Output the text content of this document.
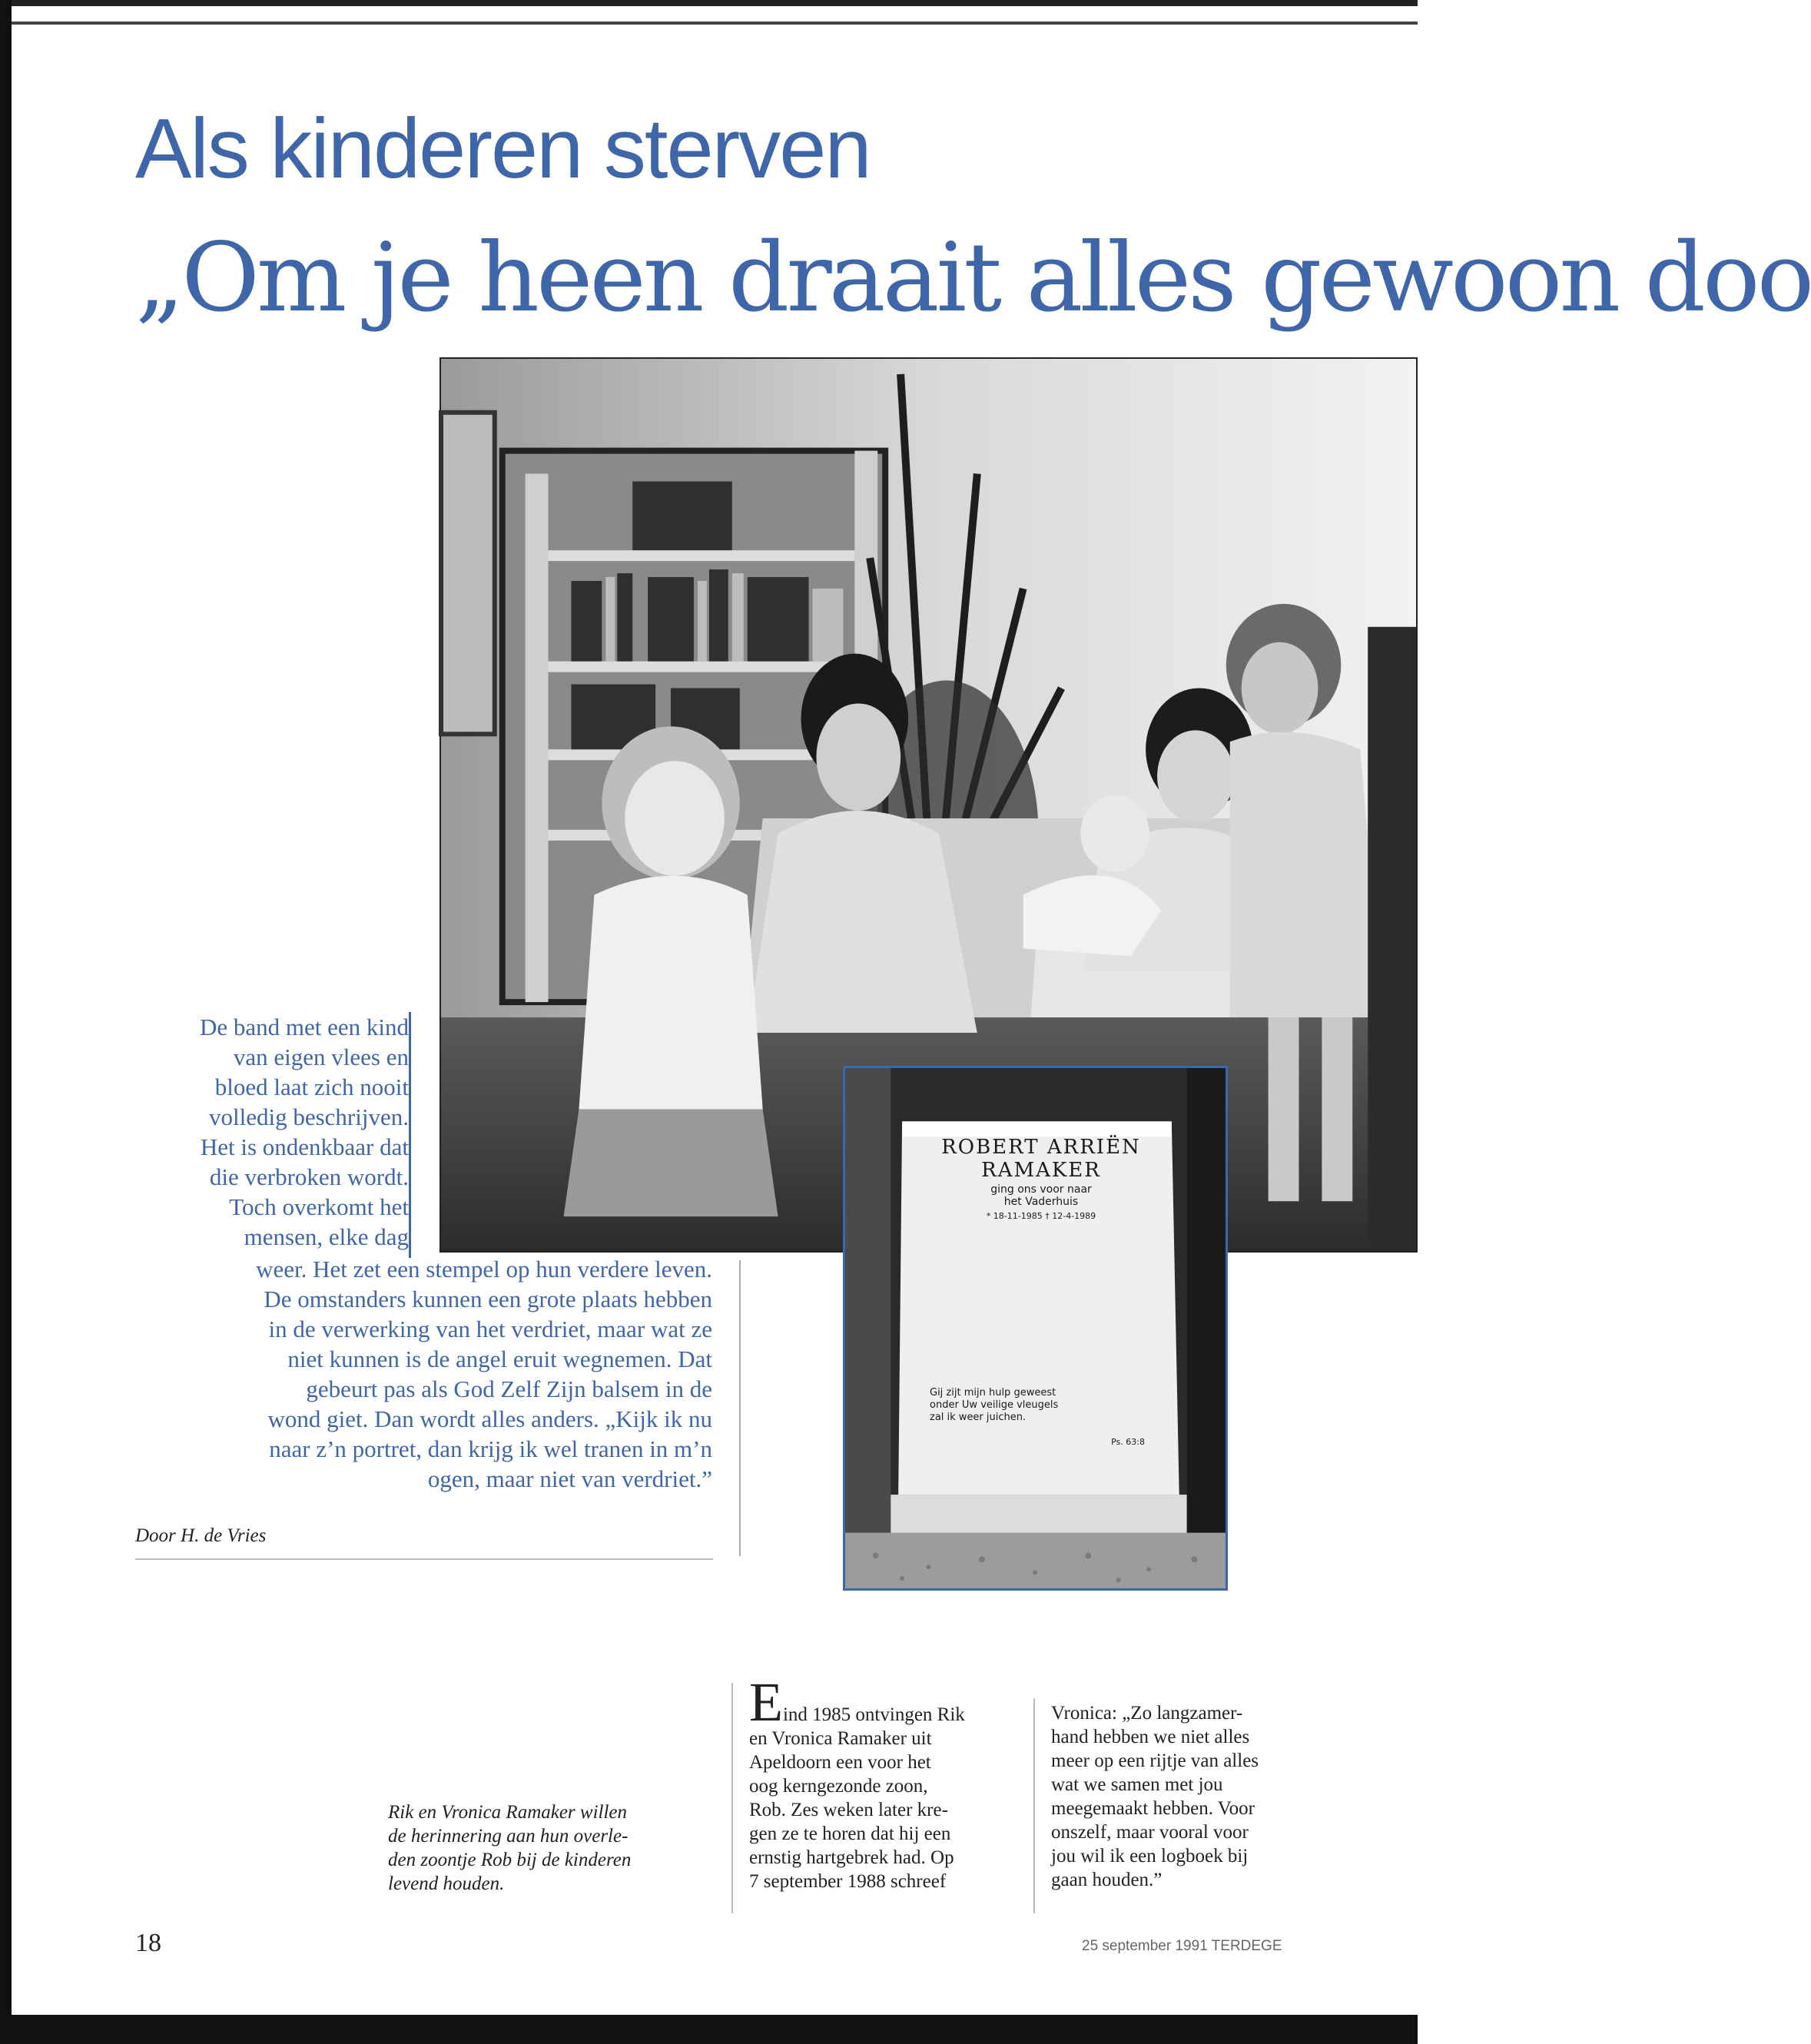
Als kinderen sterven
„Om je heen draait alles gewoon doo
ROBERT ARRIËN
RAMAKER
ging ons voor naar
het Vaderhuis
* 18-11-1985 † 12-4-1989
Gij zijt mijn hulp geweest
onder Uw veilige vleugels
zal ik weer juichen.
Ps. 63:8
De band met een kind
van eigen vlees en
bloed laat zich nooit
volledig beschrijven.
Het is ondenkbaar dat
die verbroken wordt.
Toch overkomt het
mensen, elke dag
weer. Het zet een stempel op hun verdere leven.
De omstanders kunnen een grote plaats hebben
in de verwerking van het verdriet, maar wat ze
niet kunnen is de angel eruit wegnemen. Dat
gebeurt pas als God Zelf Zijn balsem in de
wond giet. Dan wordt alles anders. „Kijk ik nu
naar z’n portret, dan krijg ik wel tranen in m’n
ogen, maar niet van verdriet.”
Door H. de Vries
Rik en Vronica Ramaker willen
de herinnering aan hun overle-
den zoontje Rob bij de kinderen
levend houden.
Eind 1985 ontvingen Rik
en Vronica Ramaker uit
Apeldoorn een voor het
oog kerngezonde zoon,
Rob. Zes weken later kre-
gen ze te horen dat hij een
ernstig hartgebrek had. Op
7 september 1988 schreef
Vronica: „Zo langzamer-
hand hebben we niet alles
meer op een rijtje van alles
wat we samen met jou
meegemaakt hebben. Voor
onszelf, maar vooral voor
jou wil ik een logboek bij
gaan houden.”
18	25 september 1991 TERDEGE
